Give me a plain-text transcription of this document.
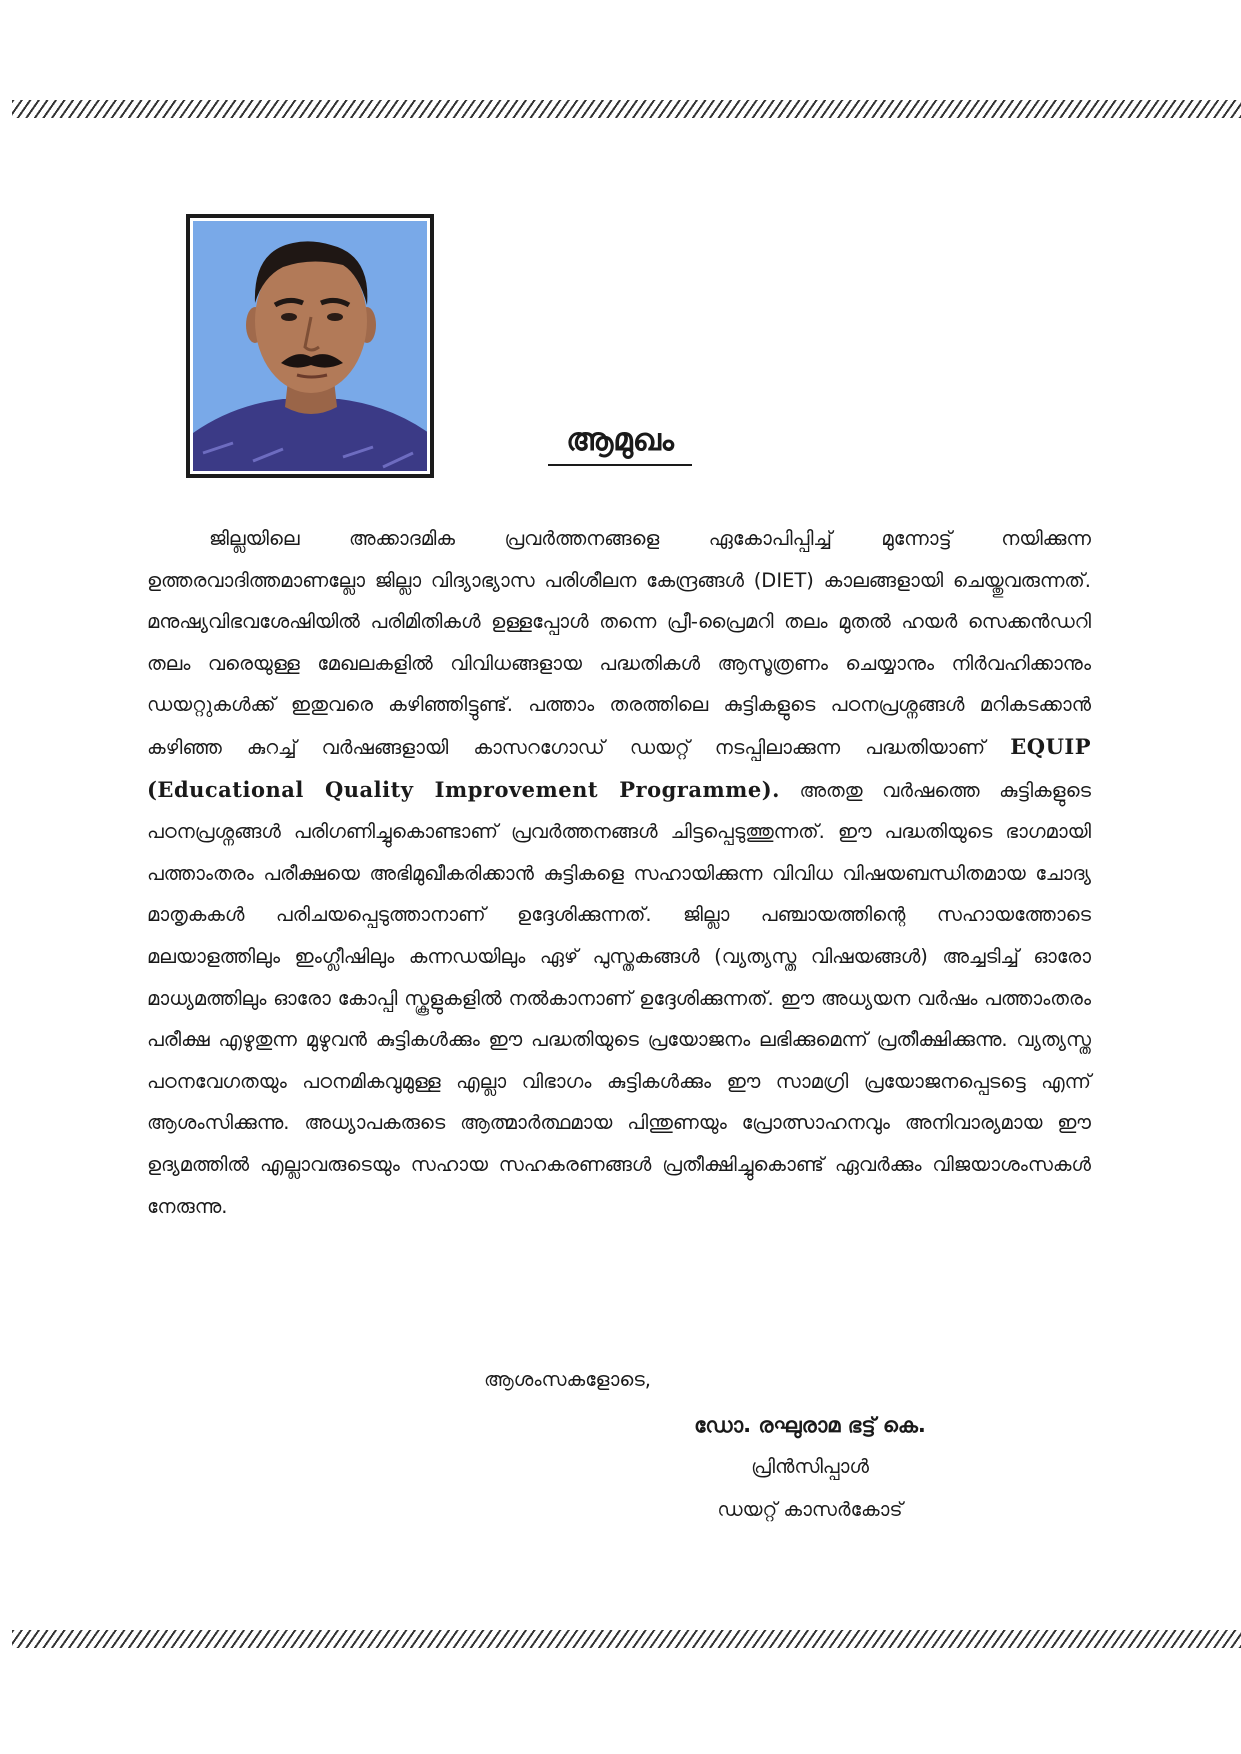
ആമുഖം

ജില്ലയിലെ അക്കാദമിക പ്രവർത്തനങ്ങളെ ഏകോപിപ്പിച്ച് മുന്നോട്ട് നയിക്കുന്ന ഉത്തരവാദിത്തമാണല്ലോ ജില്ലാ വിദ്യാഭ്യാസ പരിശീലന കേന്ദ്രങ്ങൾ (DIET) കാലങ്ങളായി ചെയ്തുവരുന്നത്. മനുഷ്യവിഭവശേഷിയിൽ പരിമിതികൾ ഉള്ളപ്പോൾ തന്നെ പ്രീ-പ്രൈമറി തലം മുതൽ ഹയർ സെക്കൻഡറി തലം വരെയുള്ള മേഖലകളിൽ വിവിധങ്ങളായ പദ്ധതികൾ ആസൂത്രണം ചെയ്യാനും നിർവഹിക്കാനും ഡയറ്റുകൾക്ക് ഇതുവരെ കഴിഞ്ഞിട്ടുണ്ട്. പത്താം തരത്തിലെ കുട്ടികളുടെ പഠനപ്രശ്നങ്ങൾ മറികടക്കാൻ കഴിഞ്ഞ കുറച്ച് വർഷങ്ങളായി കാസറഗോഡ് ഡയറ്റ് നടപ്പിലാക്കുന്ന പദ്ധതിയാണ് EQUIP (Educational Quality Improvement Programme). അതതു വർഷത്തെ കുട്ടികളുടെ പഠനപ്രശ്നങ്ങൾ പരിഗണിച്ചുകൊണ്ടാണ് പ്രവർത്തനങ്ങൾ ചിട്ടപ്പെടുത്തുന്നത്. ഈ പദ്ധതിയുടെ ഭാഗമായി പത്താംതരം പരീക്ഷയെ അഭിമുഖീകരിക്കാൻ കുട്ടികളെ സഹായിക്കുന്ന വിവിധ വിഷയബന്ധിതമായ ചോദ്യ മാതൃകകൾ പരിചയപ്പെടുത്താനാണ് ഉദ്ദേശിക്കുന്നത്. ജില്ലാ പഞ്ചായത്തിന്റെ സഹായത്തോടെ മലയാളത്തിലും ഇംഗ്ലീഷിലും കന്നഡയിലും ഏഴ് പുസ്തകങ്ങൾ (വ്യത്യസ്ത വിഷയങ്ങൾ) അച്ചടിച്ച് ഓരോ മാധ്യമത്തിലും ഓരോ കോപ്പി സ്കൂളുകളിൽ നൽകാനാണ് ഉദ്ദേശിക്കുന്നത്. ഈ അധ്യയന വർഷം പത്താംതരം പരീക്ഷ എഴുതുന്ന മുഴുവൻ കുട്ടികൾക്കും ഈ പദ്ധതിയുടെ പ്രയോജനം ലഭിക്കുമെന്ന് പ്രതീക്ഷിക്കുന്നു. വ്യത്യസ്ത പഠനവേഗതയും പഠനമികവുമുള്ള എല്ലാ വിഭാഗം കുട്ടികൾക്കും ഈ സാമഗ്രി പ്രയോജനപ്പെടട്ടെ എന്ന് ആശംസിക്കുന്നു. അധ്യാപകരുടെ ആത്മാർത്ഥമായ പിന്തുണയും പ്രോത്സാഹനവും അനിവാര്യമായ ഈ ഉദ്യമത്തിൽ എല്ലാവരുടെയും സഹായ സഹകരണങ്ങൾ പ്രതീക്ഷിച്ചുകൊണ്ട് ഏവർക്കും വിജയാശംസകൾ നേരുന്നു.

ആശംസകളോടെ,
ഡോ. രഘുരാമ ഭട്ട് കെ.
പ്രിൻസിപ്പാൾ
ഡയറ്റ് കാസർകോട്
